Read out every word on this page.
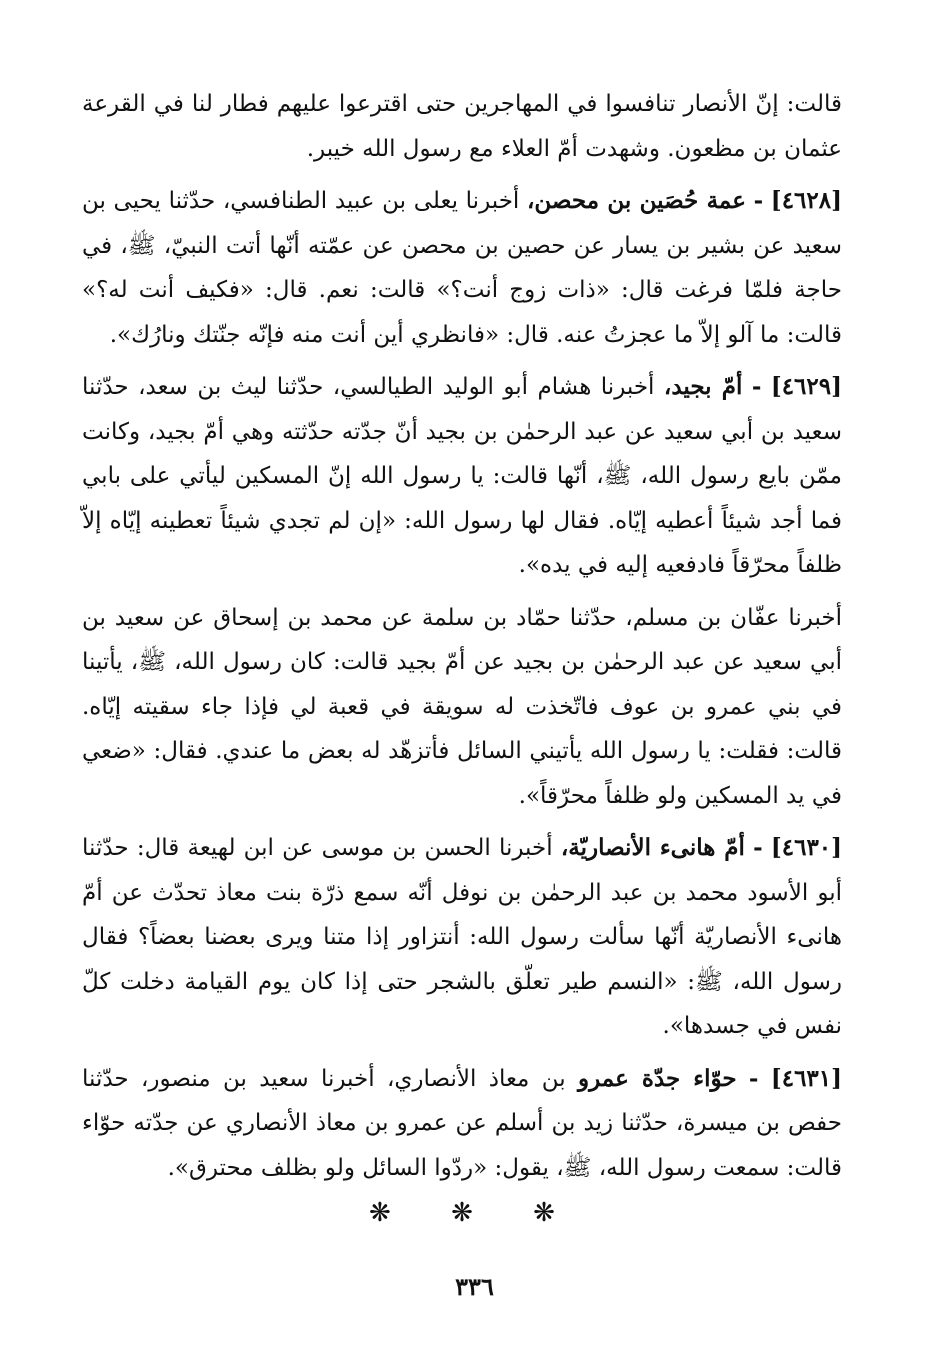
قالت: إنّ الأنصار تنافسوا في المهاجرين حتى اقترعوا عليهم فطار لنا في القرعة عثمان بن مظعون. وشهدت أمّ العلاء مع رسول الله خيبر.

[٤٦٢٨] - عمة حُصَين بن محصن، أخبرنا يعلى بن عبيد الطنافسي، حدّثنا يحيى بن سعيد عن بشير بن يسار عن حصين بن محصن عن عمّته أنّها أتت النبيّ، ﷺ، في حاجة فلمّا فرغت قال: «ذات زوج أنت؟» قالت: نعم. قال: «فكيف أنت له؟» قالت: ما آلو إلاّ ما عجزتُ عنه. قال: «فانظري أين أنت منه فإنّه جنّتك ونارُك».

[٤٦٢٩] - أمّ بجيد، أخبرنا هشام أبو الوليد الطيالسي، حدّثنا ليث بن سعد، حدّثنا سعيد بن أبي سعيد عن عبد الرحمٰن بن بجيد أنّ جدّته حدّثته وهي أمّ بجيد، وكانت ممّن بايع رسول الله، ﷺ، أنّها قالت: يا رسول الله إنّ المسكين ليأتي على بابي فما أجد شيئاً أعطيه إيّاه. فقال لها رسول الله: «إن لم تجدي شيئاً تعطينه إيّاه إلاّ ظلفاً محرّقاً فادفعيه إليه في يده».

أخبرنا عفّان بن مسلم، حدّثنا حمّاد بن سلمة عن محمد بن إسحاق عن سعيد بن أبي سعيد عن عبد الرحمٰن بن بجيد عن أمّ بجيد قالت: كان رسول الله، ﷺ، يأتينا في بني عمرو بن عوف فاتّخذت له سويقة في قعبة لي فإذا جاء سقيته إيّاه. قالت: فقلت: يا رسول الله يأتيني السائل فأتزهّد له بعض ما عندي. فقال: «ضعي في يد المسكين ولو ظلفاً محرّقاً».

[٤٦٣٠] - أمّ هانىء الأنصاريّة، أخبرنا الحسن بن موسى عن ابن لهيعة قال: حدّثنا أبو الأسود محمد بن عبد الرحمٰن بن نوفل أنّه سمع ذرّة بنت معاذ تحدّث عن أمّ هانىء الأنصاريّة أنّها سألت رسول الله: أنتزاور إذا متنا ويرى بعضنا بعضاً؟ فقال رسول الله، ﷺ: «النسم طير تعلّق بالشجر حتى إذا كان يوم القيامة دخلت كلّ نفس في جسدها».

[٤٦٣١] - حوّاء جدّة عمرو بن معاذ الأنصاري، أخبرنا سعيد بن منصور، حدّثنا حفص بن ميسرة، حدّثنا زيد بن أسلم عن عمرو بن معاذ الأنصاري عن جدّته حوّاء قالت: سمعت رسول الله، ﷺ، يقول: «ردّوا السائل ولو بظلف محترق».

❋ ❋ ❋
٣٣٦
